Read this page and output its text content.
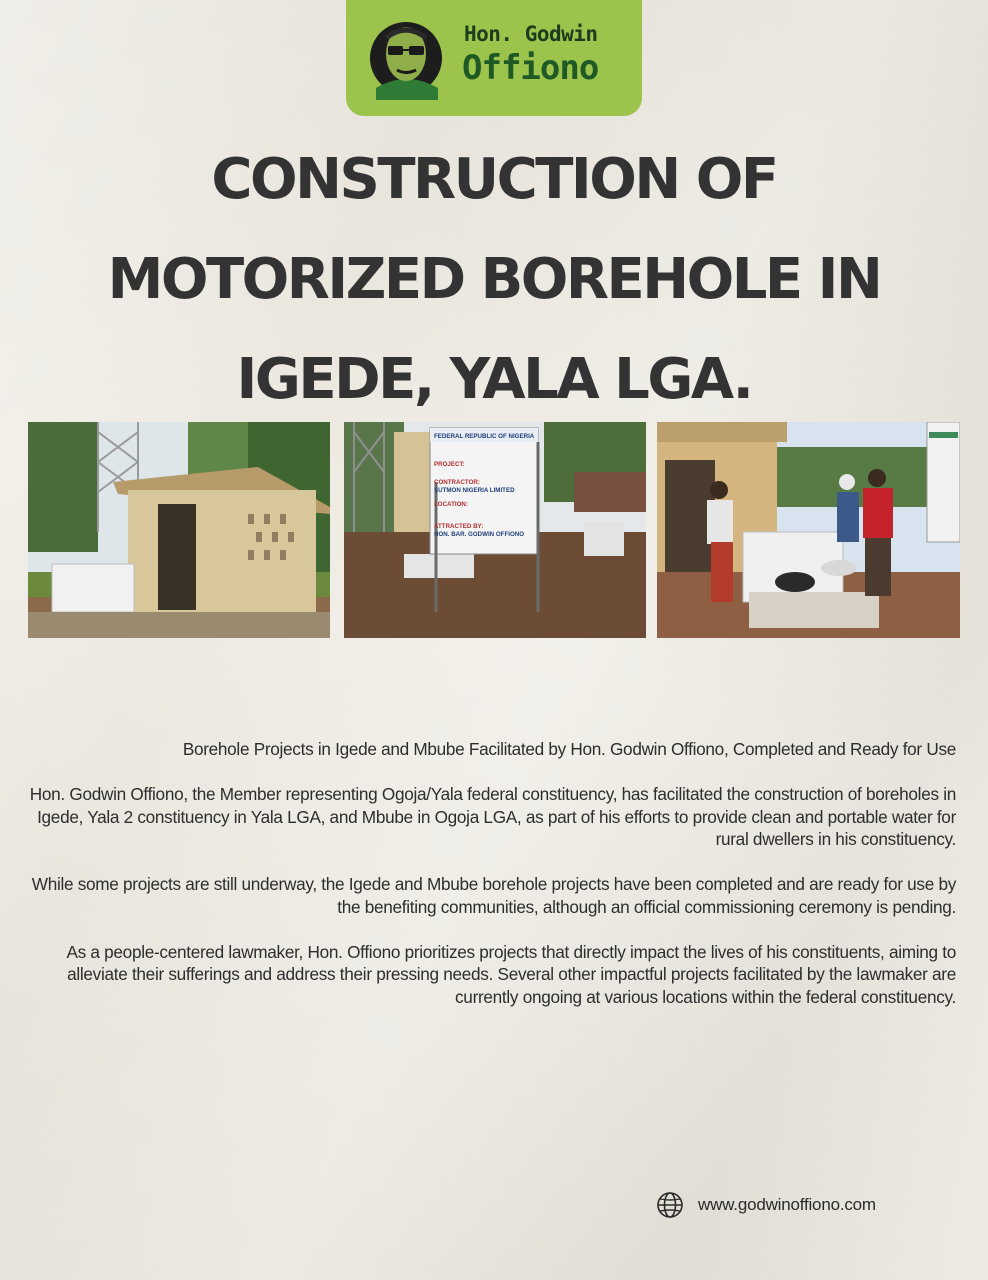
Hon. Godwin
Offiono
CONSTRUCTION OF
MOTORIZED BOREHOLE IN
IGEDE, YALA LGA.
FEDERAL REPUBLIC OF NIGERIA
PROJECT:
CONTRACTOR:
SUTMON NIGERIA LIMITED
LOCATION:
ATTRACTED BY:
HON. BAR. GODWIN OFFIONO

Borehole Projects in Igede and Mbube Facilitated by Hon. Godwin Offiono, Completed and Ready for Use

Hon. Godwin Offiono, the Member representing Ogoja/Yala federal constituency, has facilitated the construction of boreholes in Igede, Yala 2 constituency in Yala LGA, and Mbube in Ogoja LGA, as part of his efforts to provide clean and portable water for rural dwellers in his constituency.

While some projects are still underway, the Igede and Mbube borehole projects have been completed and are ready for use by the benefiting communities, although an official commissioning ceremony is pending.

As a people-centered lawmaker, Hon. Offiono prioritizes projects that directly impact the lives of his constituents, aiming to alleviate their sufferings and address their pressing needs. Several other impactful projects facilitated by the lawmaker are currently ongoing at various locations within the federal constituency.

www.godwinoffiono.com
